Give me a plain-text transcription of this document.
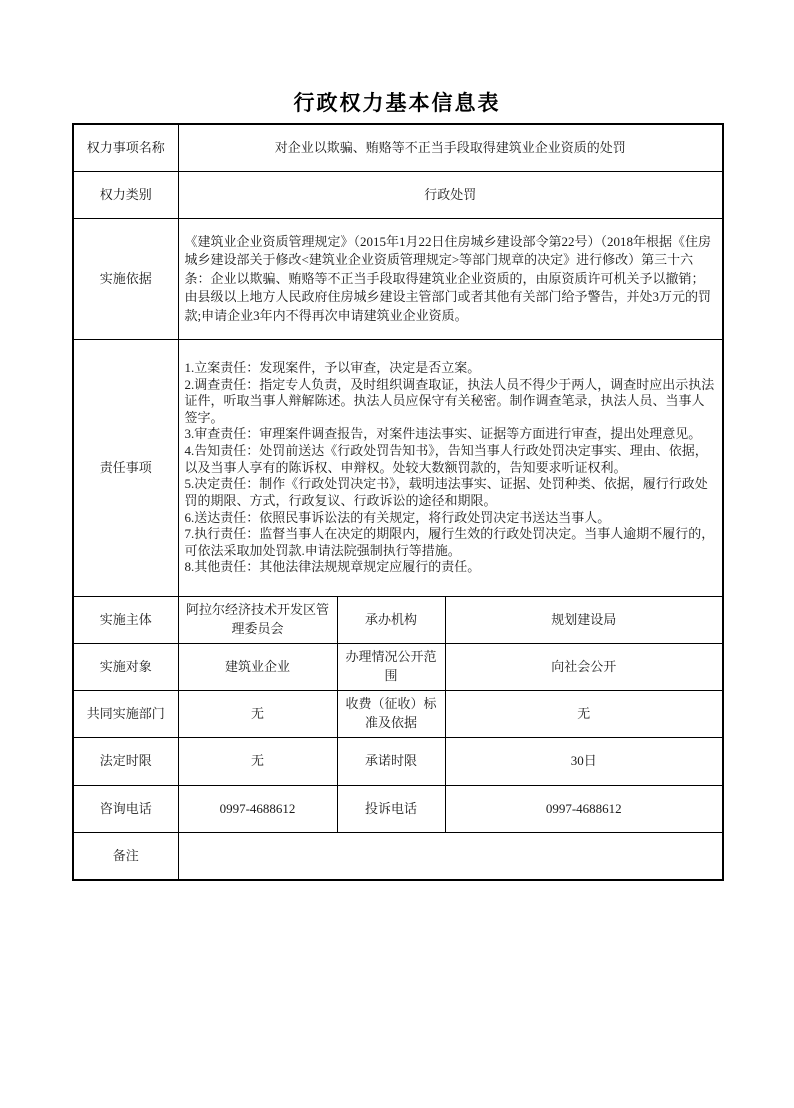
行政权力基本信息表
权力事项名称	对企业以欺骗、贿赂等不正当手段取得建筑业企业资质的处罚		
权力类别	行政处罚		
实施依据	《建筑业企业资质管理规定》（2015年1月22日住房城乡建设部令第22号）（2018年根据《住房城乡建设部关于修改<建筑业企业资质管理规定>等部门规章的决定》进行修改）第三十六条：企业以欺骗、贿赂等不正当手段取得建筑业企业资质的，由原资质许可机关予以撤销；由县级以上地方人民政府住房城乡建设主管部门或者其他有关部门给予警告，并处3万元的罚款;申请企业3年内不得再次申请建筑业企业资质。		

责任事项	
1.立案责任：发现案件，予以审查，决定是否立案。
2.调查责任：指定专人负责，及时组织调查取证，执法人员不得少于两人，调查时应出示执法证件，听取当事人辩解陈述。执法人员应保守有关秘密。制作调查笔录，执法人员、当事人签字。
3.审查责任：审理案件调查报告，对案件违法事实、证据等方面进行审查，提出处理意见。
4.告知责任：处罚前送达《行政处罚告知书》，告知当事人行政处罚决定事实、理由、依据，以及当事人享有的陈诉权、申辩权。处较大数额罚款的，告知要求听证权利。
5.决定责任：制作《行政处罚决定书》，载明违法事实、证据、处罚种类、依据，履行行政处罚的期限、方式，行政复议、行政诉讼的途径和期限。
6.送达责任：依照民事诉讼法的有关规定，将行政处罚决定书送达当事人。
7.执行责任：监督当事人在决定的期限内，履行生效的行政处罚决定。当事人逾期不履行的，可依法采取加处罚款.申请法院强制执行等措施。
8.其他责任：其他法律法规规章规定应履行的责任。

实施主体	阿拉尔经济技术开发区管理委员会	承办机构	规划建设局
实施对象	建筑业企业	办理情况公开范围	向社会公开
共同实施部门	无	收费（征收）标准及依据	无
法定时限	无	承诺时限	30日
咨询电话	0997-4688612	投诉电话	0997-4688612
备注			
